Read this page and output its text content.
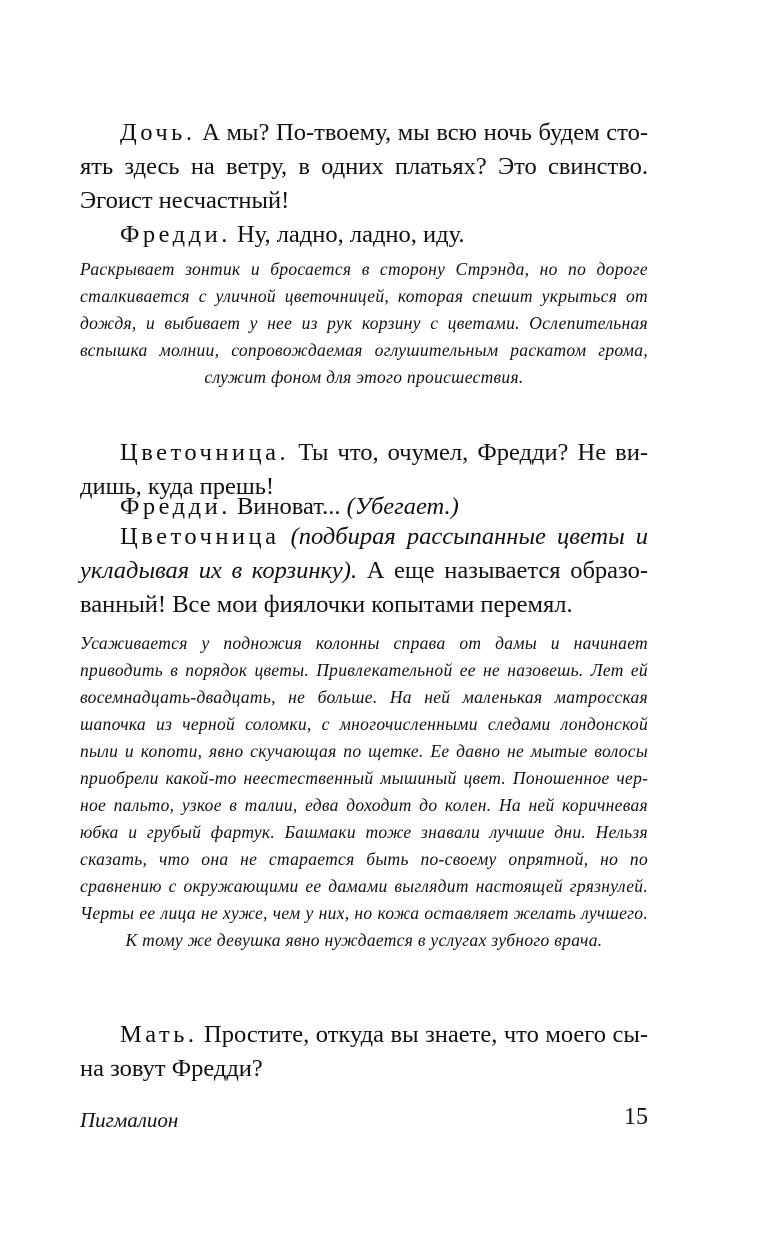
Дочь. А мы? По-твоему, мы всю ночь будем стоять здесь на ветру, в одних платьях? Это свинство. Эгоист несчастный!

Фредди. Ну, ладно, ладно, иду.

Раскрывает зонтик и бросается в сторону Стрэнда, но по дороге сталкивается с уличной цветочницей, которая спешит укрыться от дождя, и выбивает у нее из рук корзину с цветами. Ослепительная вспышка молнии, сопровождаемая оглушительным раскатом грома, служит фоном для этого происшествия.

Цветочница. Ты что, очумел, Фредди? Не видишь, куда прешь!

Фредди. Виноват... (Убегает.)

Цветочница (подбирая рассыпанные цветы и укладывая их в корзинку). А еще называется образованный! Все мои фиялочки копытами перемял.

Усаживается у подножия колонны справа от дамы и начинает приводить в порядок цветы. Привлекательной ее не назовешь. Лет ей восемнадцать-двадцать, не больше. На ней маленькая матросская шапочка из черной соломки, с многочисленными следами лондонской пыли и копоти, явно скучающая по щетке. Ее давно не мытые волосы приобрели какой-то неестественный мышиный цвет. Поношенное черное пальто, узкое в талии, едва доходит до колен. На ней коричневая юбка и грубый фартук. Башмаки тоже знавали лучшие дни. Нельзя сказать, что она не старается быть по-своему опрятной, но по сравнению с окружающими ее дамами выглядит настоящей грязнулей. Черты ее лица не хуже, чем у них, но кожа оставляет желать лучшего. К тому же девушка явно нуждается в услугах зубного врача.

Мать. Простите, откуда вы знаете, что моего сына зовут Фредди?

Пигмалион	15
